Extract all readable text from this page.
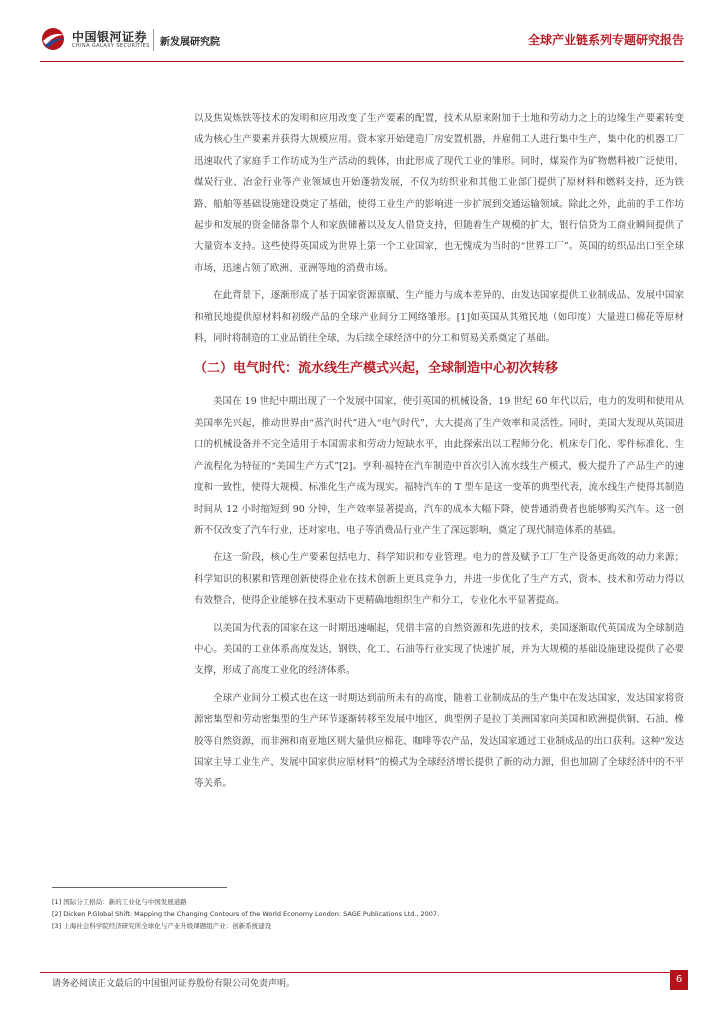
中国银河证券
CHINA GALAXY SECURITIES 新发展研究院	全球产业链系列专题研究报告

以及焦炭炼铁等技术的发明和应用改变了生产要素的配置，技术从原来附加于土地和劳动力之上的边缘生产要素转变成为核心生产要素并获得大规模应用。资本家开始建造厂房安置机器，并雇佣工人进行集中生产，集中化的机器工厂迅速取代了家庭手工作坊成为生产活动的载体，由此形成了现代工业的雏形。同时，煤炭作为矿物燃料被广泛使用，煤炭行业、冶金行业等产业领域也开始蓬勃发展，不仅为纺织业和其他工业部门提供了原材料和燃料支持，还为铁路、船舶等基础设施建设奠定了基础，使得工业生产的影响进一步扩展到交通运输领域。除此之外，此前的手工作坊起步和发展的资金储备靠个人和家族储蓄以及友人借贷支持，但随着生产规模的扩大，银行信贷为工商业瞬间提供了大量资本支持。这些使得英国成为世界上第一个工业国家，也无愧成为当时的“世界工厂”。英国的纺织品出口至全球市场，迅速占领了欧洲、亚洲等地的消费市场。

在此背景下，逐渐形成了基于国家资源禀赋、生产能力与成本差异的、由发达国家提供工业制成品、发展中国家和殖民地提供原材料和初级产品的全球产业间分工网络雏形。[1]如英国从其殖民地（如印度）大量进口棉花等原材料，同时将制造的工业品销往全球，为后续全球经济中的分工和贸易关系奠定了基础。

（二）电气时代：流水线生产模式兴起，全球制造中心初次转移

美国在 19 世纪中期出现了一个发展中国家，使引英国的机械设备，19 世纪 60 年代以后，电力的发明和使用从美国率先兴起，推动世界由“蒸汽时代”进入“电气时代”，大大提高了生产效率和灵活性。同时，美国大发现从英国进口的机械设备并不完全适用于本国需求和劳动力短缺水平，由此探索出以工程师分化、机床专门化、零件标准化、生产流程化为特征的“美国生产方式”[2]。亨利·福特在汽车制造中首次引入流水线生产模式，极大提升了产品生产的速度和一致性，使得大规模、标准化生产成为现实。福特汽车的 T 型车是这一变革的典型代表，流水线生产使得其制造时间从 12 小时缩短到 90 分钟，生产效率显著提高，汽车的成本大幅下降，使普通消费者也能够购买汽车。这一创新不仅改变了汽车行业，还对家电、电子等消费品行业产生了深远影响，奠定了现代制造体系的基础。

在这一阶段，核心生产要素包括电力、科学知识和专业管理。电力的普及赋予工厂生产设备更高效的动力来源；科学知识的积累和管理创新使得企业在技术创新上更具竞争力，并进一步优化了生产方式，资本、技术和劳动力得以有效整合，使得企业能够在技术驱动下更精确地组织生产和分工，专业化水平显著提高。

以美国为代表的国家在这一时期迅速崛起，凭借丰富的自然资源和先进的技术，美国逐渐取代英国成为全球制造中心。美国的工业体系高度发达，钢铁、化工、石油等行业实现了快速扩展，并为大规模的基础设施建设提供了必要支撑，形成了高度工业化的经济体系。

全球产业间分工模式也在这一时期达到前所未有的高度，随着工业制成品的生产集中在发达国家，发达国家将资源密集型和劳动密集型的生产环节逐渐转移至发展中地区，典型例子是拉丁美洲国家向美国和欧洲提供铜、石油、橡胶等自然资源，而非洲和南亚地区则大量供应棉花、咖啡等农产品，发达国家通过工业制成品的出口获利。这种“发达国家主导工业生产、发展中国家供应原材料”的模式为全球经济增长提供了新的动力源，但也加剧了全球经济中的不平等关系。

[1] 国际分工格局：新的工业化与中国发展道路
[2] Dicken P.Global Shift: Mapping the Changing Contours of the World Economy London: SAGE Publications Ltd., 2007.
[3] 上海社会科学院经济研究所全球化与产业升级课题组产业：创新系统建设
请务必阅读正文最后的中国银河证券股份有限公司免责声明。	6
